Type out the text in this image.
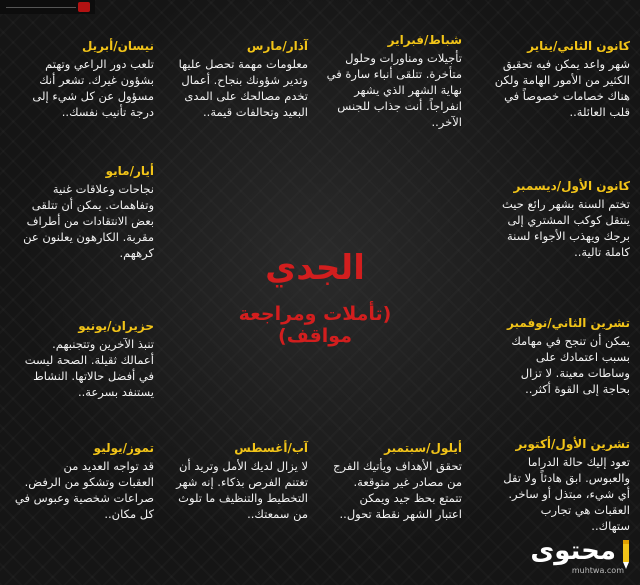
كانون الثاني/يناير
شهر واعد يمكن فيه تحقيق
الكثير من الأمور الهامة ولكن
هناك خصامات خصوصاً في
قلب العائلة..
كانون الأول/ديسمبر
تختم السنة بشهر رائع حيث
ينتقل كوكب المشتري إلى
برجك ويهذب الأجواء لسنة
كاملة تالية..
تشرين الثاني/نوفمبر
يمكن أن تنجح في مهامك
بسبب اعتمادك على
وساطات معينة. لا تزال
بحاجة إلى القوة أكثر..
تشرين الأول/أكتوبر
تعود إليك حالة الدراما
والعبوس. ابق هادئاً ولا تقل
أي شيء، مبتذل أو ساخر.
العقبات هي تجارب
ستهاك..
شباط/فبراير
تأجيلات ومناورات وحلول
متأخرة. تتلقى أنباء سارة في
نهاية الشهر الذي يشهر
انفراجاً. أنت جذاب للجنس
الآخر..
أيلول/سبتمبر
تحقق الأهداف ويأتيك الفرج
من مصادر غير متوقعة.
تتمتع بحظ جيد ويمكن
اعتبار الشهر نقطة تحول..
آذار/مارس
معلومات مهمة تحصل عليها
وتدير شؤونك بنجاح. أعمال
تخدم مصالحك على المدى
البعيد وتحالفات قيمة..
آب/أغسطس
لا يزال لديك الأمل وتريد أن
تغتنم الفرص بذكاء. إنه شهر
التخطيط والتنظيف ما تلوث
من سمعتك..
نيسان/أبريل
تلعب دور الراعي وتهتم
بشؤون غيرك. تشعر أنك
مسؤول عن كل شيء إلى
درجة تأنيب نفسك..
أيار/مايو
نجاحات وعلاقات غنية
وتفاهمات. يمكن أن تتلقى
بعض الانتقادات من أطراف
مقربة. الكارهون يعلنون عن
كرههم.
حزيران/يونيو
تنبذ الآخرين وتتجنبهم.
أعمالك ثقيلة. الصحة ليست
في أفضل حالاتها. النشاط
يستنفد بسرعة..
تموز/يوليو
قد تواجه العديد من
العقبات وتشكو من الرفض.
صراعات شخصية وعبوس في
كل مكان..
الجدي
(تأملات ومراجعة مواقف)
محتوى
muhtwa.com
